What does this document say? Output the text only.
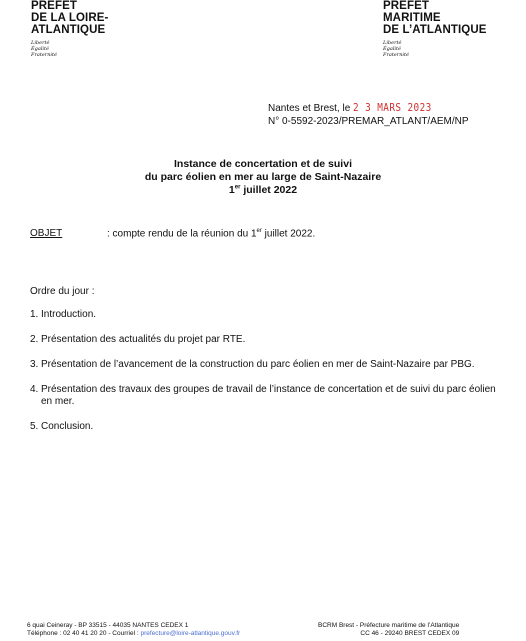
PRÉFET
DE LA LOIRE-
ATLANTIQUE
Liberté
Égalité
Fraternité
PRÉFET
MARITIME
DE L’ATLANTIQUE
Liberté
Égalité
Fraternité
Nantes et Brest, le 2 3 MARS 2023
N° 0-5592-2023/PREMAR_ATLANT/AEM/NP
Instance de concertation et de suivi
du parc éolien en mer au large de Saint-Nazaire
1er juillet 2022
OBJET	: compte rendu de la réunion du 1er juillet 2022.
Ordre du jour :
1. Introduction.
2. Présentation des actualités du projet par RTE.
3. Présentation de l’avancement de la construction du parc éolien en mer de Saint-Nazaire par PBG.
4. Présentation des travaux des groupes de travail de l’instance de concertation et de suivi du parc éolien en mer.
5. Conclusion.
6 quai Ceineray - BP 33515 - 44035 NANTES CEDEX 1
Téléphone : 02 40 41 20 20 - Courriel : prefecture@loire-atlantique.gouv.fr
BCRM Brest - Préfecture maritime de l’Atlantique
CC 46 - 29240 BREST CEDEX 09
